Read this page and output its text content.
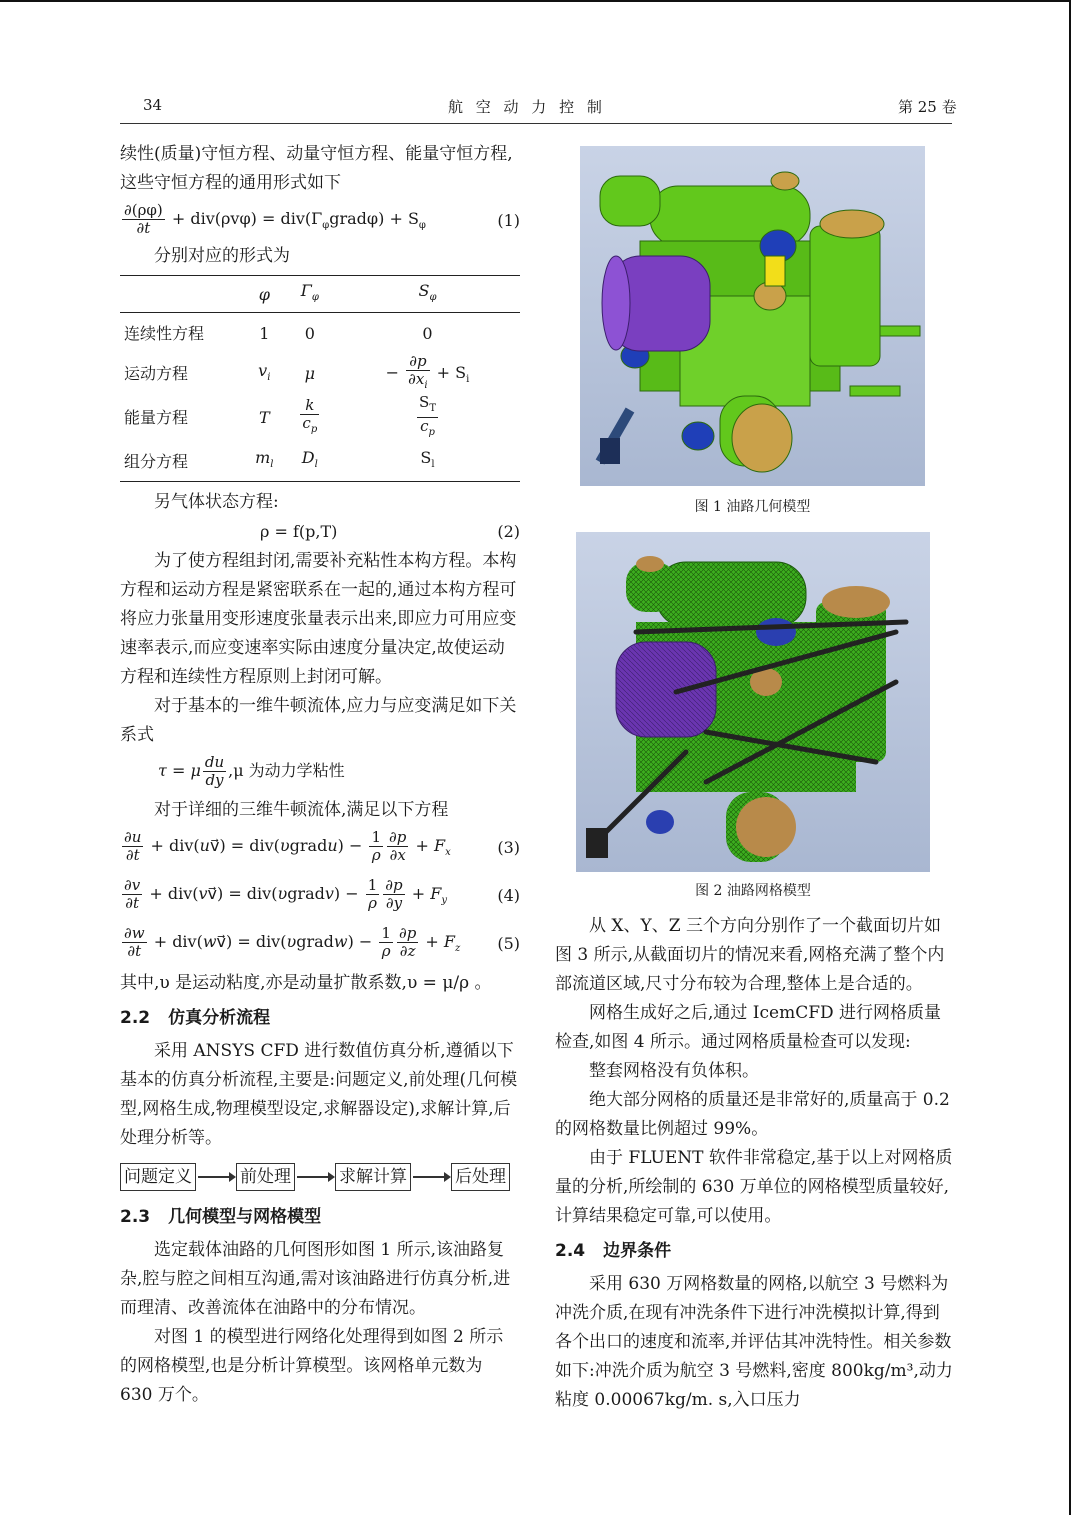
34	航 空 动 力 控 制	第 25 卷

续性(质量)守恒方程、动量守恒方程、能量守恒方程,这些守恒方程的通用形式如下

$\frac{\partial(\rho\varphi)}{\partial t} + div(\rho v\varphi)$ = $div(\Gamma_\varphi grad\varphi) + S_\varphi$	(1)

分别对应的形式为

	φ	$\Gamma_\varphi$	$S_\varphi$
连续性方程	1	0	0
运动方程	$v_i$	μ	− $\frac{\partial p}{\partial x_i} + S_i$
能量方程	T	$\frac{k}{c_p}$	$\frac{S_T}{c_p}$

组分方程	$m_l$	$D_l$	$S_l$

另气体状态方程:

ρ = f(p,T)	(2)

为了使方程组封闭,需要补充粘性本构方程。本构方程和运动方程是紧密联系在一起的,通过本构方程可将应力张量用变形速度张量表示出来,即应力可用应变速率表示,而应变速率实际由速度分量决定,故使运动方程和连续性方程原则上封闭可解。

对于基本的一维牛顿流体,应力与应变满足如下关系式

τ = μ $\frac{du}{dy} ,\mu$ 为动力学粘性

对于详细的三维牛顿流体,满足以下方程

$\frac{\partial u}{\partial t}$ + div(uv⃗) = div(υgradu) − $\frac{1}{\rho} \frac{\partial p}{\partial x} + F_x$	(3)
$\frac{\partial v}{\partial t}$ + div(vv⃗) = div(υgradv) − $\frac{1}{\rho} \frac{\partial p}{\partial y} + F_y$	(4)
$\frac{\partial w}{\partial t}$ + div(wv⃗) = div(υgradw) − $\frac{1}{\rho} \frac{\partial p}{\partial z} + F_z$ (5)

其中,υ 是运动粘度,亦是动量扩散系数,υ = μ/ρ 。

2.2 仿真分析流程

采用 ANSYS CFD 进行数值仿真分析,遵循以下基本的仿真分析流程,主要是:问题定义,前处理(几何模型,网格生成,物理模型设定,求解器设定),求解计算,后处理分析等。

问题定义	前处理	求解计算	后处理
2.3 几何模型与网格模型

选定载体油路的几何图形如图 1 所示,该油路复杂,腔与腔之间相互沟通,需对该油路进行仿真分析,进而理清、改善流体在油路中的分布情况。

对图 1 的模型进行网络化处理得到如图 2 所示的网格模型,也是分析计算模型。该网格单元数为 630 万个。

图 1 油路几何模型
图 2 油路网格模型

从 X、Y、Z 三个方向分别作了一个截面切片如图 3 所示,从截面切片的情况来看,网格充满了整个内部流道区域,尺寸分布较为合理,整体上是合适的。

网格生成好之后,通过 IcemCFD 进行网格质量检查,如图 4 所示。通过网格质量检查可以发现:

整套网格没有负体积。

绝大部分网格的质量还是非常好的,质量高于 0.2 的网格数量比例超过 99%。

由于 FLUENT 软件非常稳定,基于以上对网格质量的分析,所绘制的 630 万单位的网格模型质量较好,计算结果稳定可靠,可以使用。

2.4 边界条件

采用 630 万网格数量的网格,以航空 3 号燃料为冲洗介质,在现有冲洗条件下进行冲洗模拟计算,得到各个出口的速度和流率,并评估其冲洗特性。相关参数如下:冲洗介质为航空 3 号燃料,密度 800kg/m³,动力粘度 0.00067kg/m. s,入口压力
